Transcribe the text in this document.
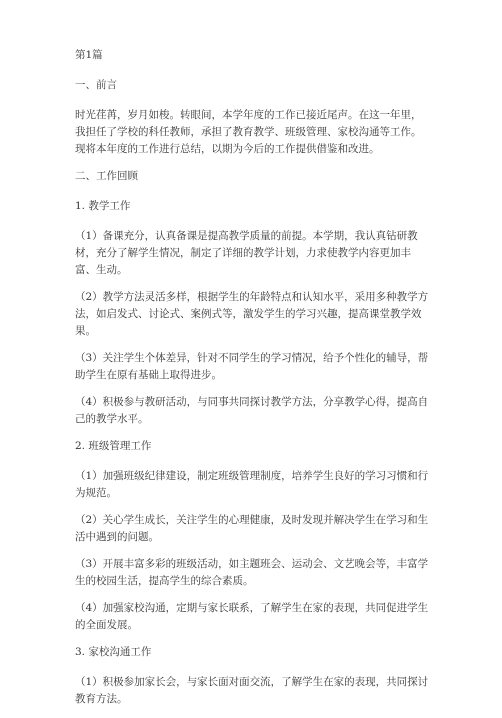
第1篇

一、前言

时光荏苒，岁月如梭。转眼间，本学年度的工作已接近尾声。在这一年里，我担任了学校的科任教师，承担了教育教学、班级管理、家校沟通等工作。现将本年度的工作进行总结，以期为今后的工作提供借鉴和改进。

二、工作回顾

1. 教学工作

（1）备课充分，认真备课是提高教学质量的前提。本学期，我认真钻研教材，充分了解学生情况，制定了详细的教学计划，力求使教学内容更加丰富、生动。

（2）教学方法灵活多样，根据学生的年龄特点和认知水平，采用多种教学方法，如启发式、讨论式、案例式等，激发学生的学习兴趣，提高课堂教学效果。

（3）关注学生个体差异，针对不同学生的学习情况，给予个性化的辅导，帮助学生在原有基础上取得进步。

（4）积极参与教研活动，与同事共同探讨教学方法，分享教学心得，提高自己的教学水平。

2. 班级管理工作

（1）加强班级纪律建设，制定班级管理制度，培养学生良好的学习习惯和行为规范。

（2）关心学生成长，关注学生的心理健康，及时发现并解决学生在学习和生活中遇到的问题。

（3）开展丰富多彩的班级活动，如主题班会、运动会、文艺晚会等，丰富学生的校园生活，提高学生的综合素质。

（4）加强家校沟通，定期与家长联系，了解学生在家的表现，共同促进学生的全面发展。

3. 家校沟通工作

（1）积极参加家长会，与家长面对面交流，了解学生在家的表现，共同探讨教育方法。
